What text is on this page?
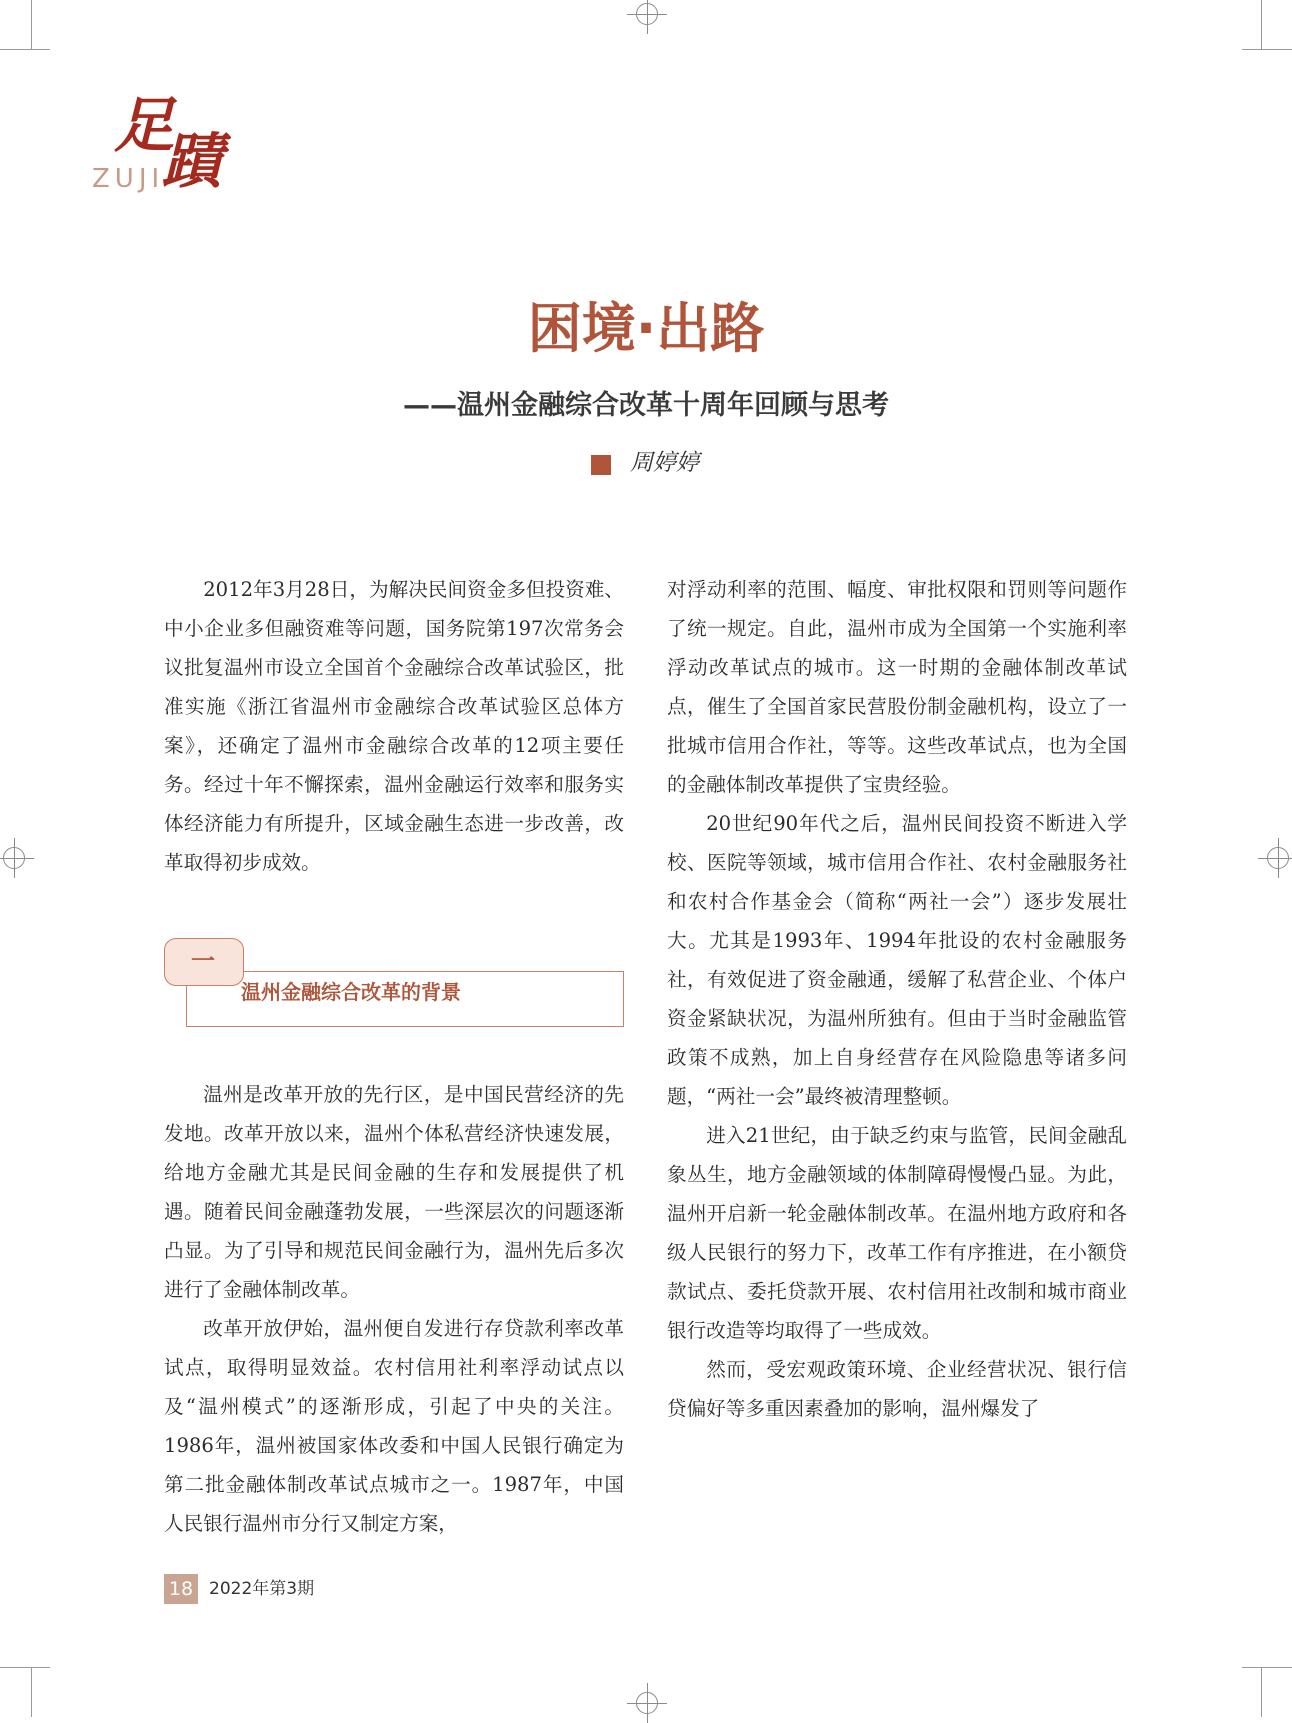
足
蹟
ZUJI
困境·出路
——温州金融综合改革十周年回顾与思考
周婷婷

2012年3月28日，为解决民间资金多但投资难、中小企业多但融资难等问题，国务院第197次常务会议批复温州市设立全国首个金融综合改革试验区，批准实施《浙江省温州市金融综合改革试验区总体方案》，还确定了温州市金融综合改革的12项主要任务。经过十年不懈探索，温州金融运行效率和服务实体经济能力有所提升，区域金融生态进一步改善，改革取得初步成效。

一
温州金融综合改革的背景

温州是改革开放的先行区，是中国民营经济的先发地。改革开放以来，温州个体私营经济快速发展，给地方金融尤其是民间金融的生存和发展提供了机遇。随着民间金融蓬勃发展，一些深层次的问题逐渐凸显。为了引导和规范民间金融行为，温州先后多次进行了金融体制改革。

改革开放伊始，温州便自发进行存贷款利率改革试点，取得明显效益。农村信用社利率浮动试点以及“温州模式”的逐渐形成，引起了中央的关注。1986年，温州被国家体改委和中国人民银行确定为第二批金融体制改革试点城市之一。1987年，中国人民银行温州市分行又制定方案，

对浮动利率的范围、幅度、审批权限和罚则等问题作了统一规定。自此，温州市成为全国第一个实施利率浮动改革试点的城市。这一时期的金融体制改革试点，催生了全国首家民营股份制金融机构，设立了一批城市信用合作社，等等。这些改革试点，也为全国的金融体制改革提供了宝贵经验。

20世纪90年代之后，温州民间投资不断进入学校、医院等领域，城市信用合作社、农村金融服务社和农村合作基金会（简称“两社一会”）逐步发展壮大。尤其是1993年、1994年批设的农村金融服务社，有效促进了资金融通，缓解了私营企业、个体户资金紧缺状况，为温州所独有。但由于当时金融监管政策不成熟，加上自身经营存在风险隐患等诸多问题，“两社一会”最终被清理整顿。

进入21世纪，由于缺乏约束与监管，民间金融乱象丛生，地方金融领域的体制障碍慢慢凸显。为此，温州开启新一轮金融体制改革。在温州地方政府和各级人民银行的努力下，改革工作有序推进，在小额贷款试点、委托贷款开展、农村信用社改制和城市商业银行改造等均取得了一些成效。

然而，受宏观政策环境、企业经营状况、银行信贷偏好等多重因素叠加的影响，温州爆发了

18 2022年第3期
